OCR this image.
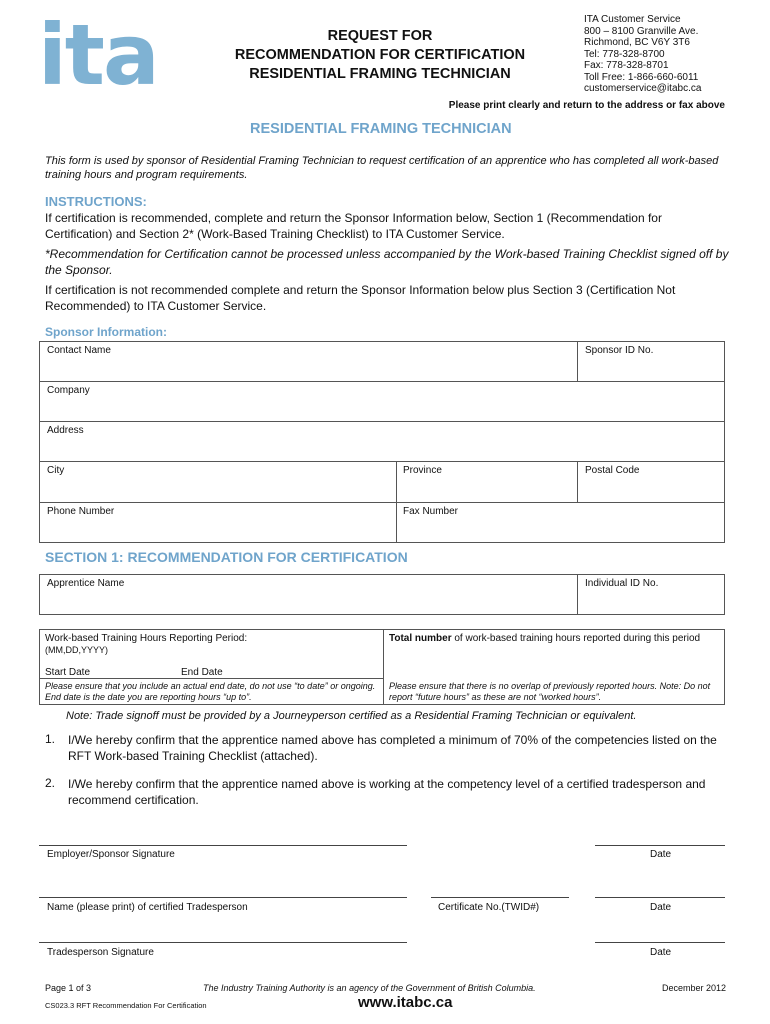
ita	REQUEST FOR
RECOMMENDATION FOR CERTIFICATION
RESIDENTIAL FRAMING TECHNICIAN
ITA Customer Service
800 – 8100 Granville Ave.
Richmond, BC V6Y 3T6
Tel: 778-328-8700
Fax: 778-328-8701
Toll Free: 1-866-660-6011
customerservice@itabc.ca
Please print clearly and return to the address or fax above
RESIDENTIAL FRAMING TECHNICIAN
This form is used by sponsor of Residential Framing Technician to request certification of an apprentice who has completed all work-based training hours and program requirements.
INSTRUCTIONS:
If certification is recommended, complete and return the Sponsor Information below, Section 1 (Recommendation for Certification) and Section 2* (Work-Based Training Checklist) to ITA Customer Service.
*Recommendation for Certification cannot be processed unless accompanied by the Work-based Training Checklist signed off by the Sponsor.
If certification is not recommended complete and return the Sponsor Information below plus Section 3 (Certification Not Recommended) to ITA Customer Service.
Sponsor Information:
Contact Name	Sponsor ID No.
Company
Address
City	Province	Postal Code
Phone Number	Fax Number
SECTION 1: RECOMMENDATION FOR CERTIFICATION
Apprentice Name	Individual ID No.
Work-based Training Hours Reporting Period:
(MM,DD,YYYY)
Start Date	End Date
Please ensure that you include an actual end date, do not use “to date” or ongoing. End date is the date you are reporting hours “up to”.
Total number of work-based training hours reported during this period
Please ensure that there is no overlap of previously reported hours. Note: Do not report “future hours” as these are not “worked hours”.
Note: Trade signoff must be provided by a Journeyperson certified as a Residential Framing Technician or equivalent.
1. I/We hereby confirm that the apprentice named above has completed a minimum of 70% of the competencies listed on the RFT Work-based Training Checklist (attached).
2. I/We hereby confirm that the apprentice named above is working at the competency level of a certified tradesperson and recommend certification.
Employer/Sponsor Signature	Date
Name (please print) of certified Tradesperson	Certificate No.(TWID#)	Date
Tradesperson Signature	Date
Page 1 of 3	The Industry Training Authority is an agency of the Government of British Columbia.	December 2012
CS023.3 RFT Recommendation For Certification	www.itabc.ca
